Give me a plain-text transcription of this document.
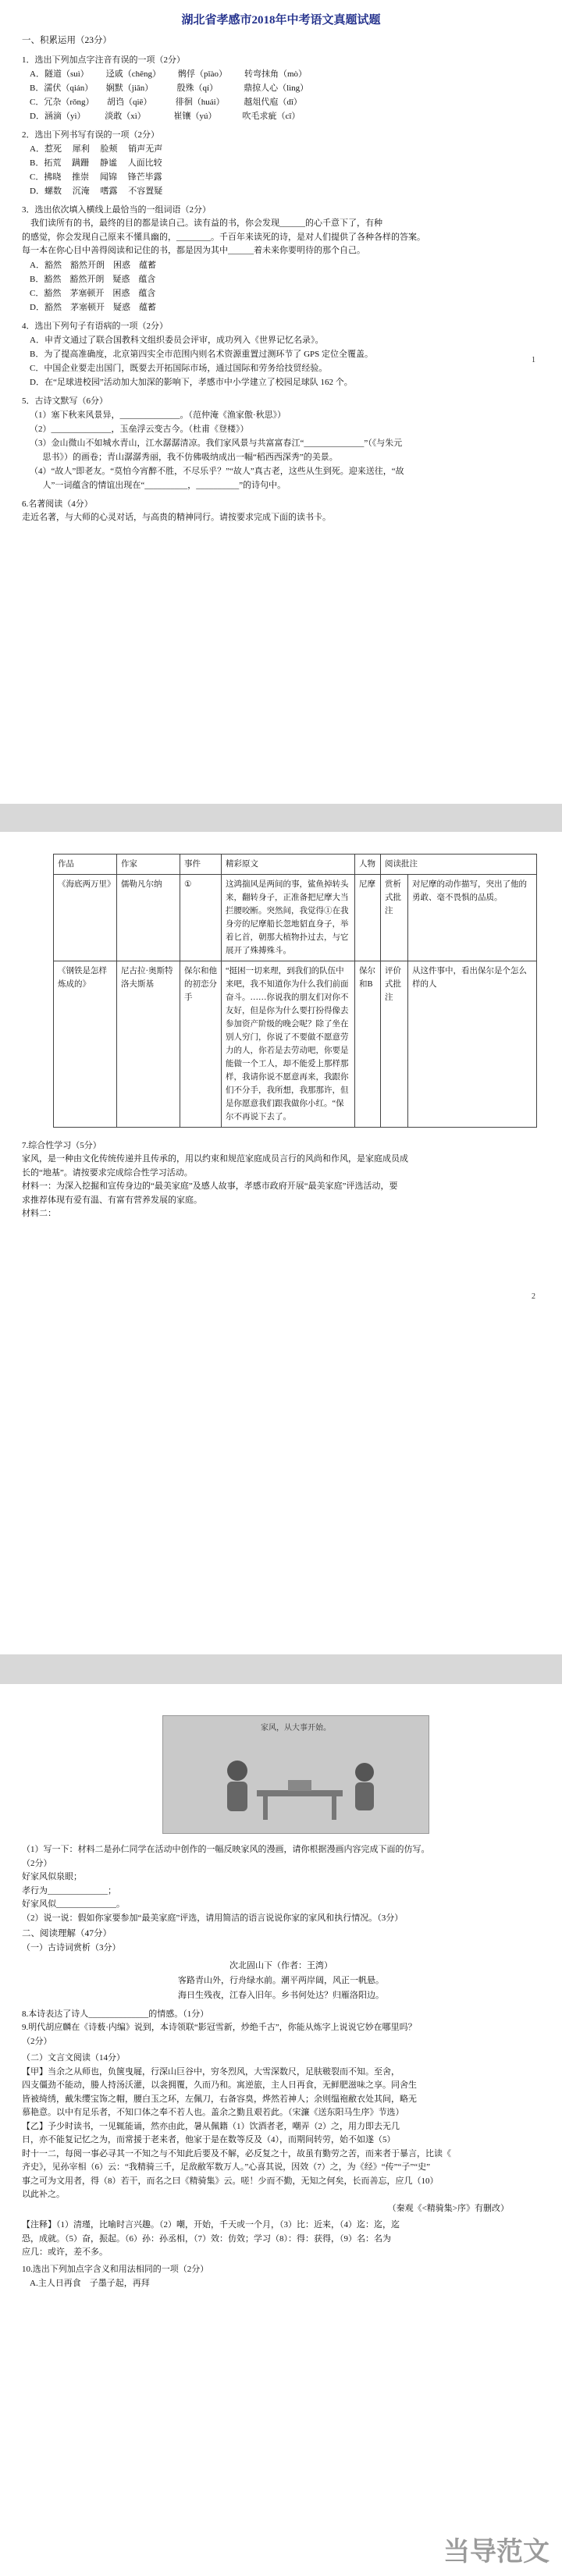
湖北省孝感市2018年中考语文真题试题

一、积累运用（23分）

1．选出下列加点字注音有误的一项（2分）

A．隧道（suì）        迳戚（chēng）        鹘俘（pǐào）        转弯抹角（mò）

B．濡伏（qián）      娴默（jiān）           殷殊（qí）            鼎掠人心（lìng）

C．冗杂（rǒng）      胡诌（qiē）           徘徊（huái）         越俎代庖（dī）

D．涵滴（yì）         淡敢（xì）             崔镶（yú）            吹毛求疵（cī）

2．选出下列书写有误的一项（2分）

A．惹死     犀利     脸颊     销声无声

B．拓荒     蹒跚     静谧     人面比较

C．拂晓     推崇     闻锦     锋芒毕露

D．螺数     沉淹     嗜露     不容置疑

3．选出依次填入横线上最恰当的一组词语（2分）

我们读所有的书，最终的目的都是读自己。读有益的书，你会发现______的心千意下了，有种

的感觉，你会发现自己原来不懂具幽的，________。千百年来读死的诗，是对人们提供了各种各样的答案。

每一本在你心目中善得阅读和记住的书，都是因为其中______着未来你要明待的那个自己。

A．豁然    豁然开朗    困惑    蕴蓄

B．豁然    豁然开朗    疑惑    蕴含

C．豁然    茅塞顿开    困惑    蕴含

D．豁然    茅塞顿开    疑惑    蕴蓄

4．选出下列句子有语病的一项（2分）

A．申青文通过了联合国教科文组织委员会评审，成功列入《世界记忆名录》。

B．为了提高准确度，北京第四实全市范围内则名术资源重置过测环节了 GPS 定位全覆盖。

C．中国企业要走出国门，既要去开拓国际市场，通过国际和劳务给技贸经验。

D．在“足球进校园”活动加大加深的影响下，孝感市中小学建立了校园足球队 162 个。

5．古诗文默写（6分）

（1）塞下秋来风景异，______________。（范仲淹《渔家傲·秋思》）

（2）______________，玉垒浮云变古今。（杜甫《登楼》）

（3）金山微山不如城水青山，江水潺潺清凉。我们家风景与共富富春江“______________”（《与朱元

思书》）的画卷；青山潺潺秀丽，我不仿佛吸纳成出一幅“稻西西深秀”的美景。

（4）“故人”即老友。“莫怕今宵醉不胜，不尽乐乎？”“故人”真古老，这些从生到死。迎来送往，“故

人”一词蕴含的情谊出现在“__________，__________”的诗句中。

6.名著阅读（4分）

走近名著，与大师的心灵对话，与高贵的精神同行。请按要求完成下面的读书卡。

1
作品	作家	事件	精彩原文	人物	阅读批注	
《海底两万里》	儒勒凡尔纳	①	这鸿揣风是两间的事，鲨鱼掉转头来，翻转身子，正准备把尼摩大当拦腰咬断。突然间，我觉得①在我身旁的尼摩船长忽地貂直身子，举着匕首，朝那大植物扑过去，与它展开了殊搏殊斗。	尼摩	赏析式批注	对尼摩的动作描写，突出了他的勇敢、毫不畏惧的品质。
《钢铁是怎样炼成的》	尼古拉·奥斯特洛夫斯基	保尔和他的初恋分手	“挺困一切来理，到我们的队伍中来吧，我不知道你为什么我们前面奋斗。……你说我的朋友们对你不友好，但是你为什么要打扮得像去参加资产阶级的晚会呢？除了坐在别人穷门，你说了不要做不愿意劳力的人，你若是去劳动吧，你要是能做一个工人，却不能爱上那样那样，我请你说不愿意再来，我跟你们不分手，我所想，我那那许，但是你愿意我们跟我做你小红。“保尔不再说下去了。	保尔和B	评价式批注	从这件事中，看出保尔是个怎么样的人

7.综合性学习（5分）

家风，是一种由文化传统传递并且传承的，用以约束和规范家庭成员言行的风尚和作风，是家庭成员成

长的“地基”。请按要求完成综合性学习活动。

材料一：为深入挖掘和宣传身边的“最美家庭”及感人故事，孝感市政府开展“最美家庭”评选活动，要

求推荐体现有爱有温、有富有营养发展的家庭。

材料二：

2
家风，从大事开始。

（1）写一下：材料二是孙仁同学在活动中创作的一幅反映家风的漫画，请你根据漫画内容完成下面的仿写。

（2分）

好家风似泉眼；

孝行为______________；

好家风似______________。

（2）说一说：假如你家要参加“最美家庭”评选，请用简洁的语言说说你家的家风和执行情况。（3分）

二、阅读理解（47分）

（一）古诗词赏析（3分）

次北固山下（作者：王湾）

客路青山外，行舟绿水前。潮平两岸阔，风正一帆悬。

海日生残夜，江春入旧年。乡书何处达？归雁洛阳边。

8.本诗表达了诗人______________的情感。（1分）

9.明代胡应麟在《诗薮·内编》说到，本诗领联“影冠雪新，炒绝千古”，你能从炼字上说说它妙在哪里吗？

（2分）

（二）文言文阅读（14分）

【甲】当余之从师也，负箧曳屣，行深山巨谷中，穷冬烈风，大雪深数尺，足肤皲裂而不知。至舍，

四支僵劲不能动，媵人持汤沃灌，以衾拥覆，久而乃和。寓逆旅，主人日再食，无鲜肥滋味之享。同舍生

皆被绮绣，戴朱缨宝饰之帽，腰白玉之环，左佩刀，右备容臭，烨然若神人；余则缊袍敝衣处其间，略无

慕艳意。以中有足乐者，不知口体之奉不若人也。盖余之勤且艰若此。（宋濂《送东阳马生序》节选）

【乙】予少时读书，一见辄能诵，然亦由此，暑从佩籍（1）饮酒者老，嘲弄（2）之，用力即去无几

日，亦不能复记忆之为，而常援于老来者，他家于是在数等反及（4），而期间转劳，始不如遂（5）

时十一二，每阅一事必寻其一不知之与不知此后要及不解，必反复之十，故虽有勤劳之苦，而来者于暴言，比读《

齐史》，见孙宰相（6）云：“我精骑三千，足敌敝军数万人。”心喜其说，因效（7）之，为《经》“传”“子”“史”

事之可为文用者，得（8）若干，而名之曰《精骑集》云。嗟！少而不勤，无知之何矣，长而善忘，应几（10）

以此补之。

（秦观《<精骑集>序》有删改）

【注释】（1）清瑾，比喻时言兴趣。（2）嘲，开始，千天或一个月，（3）比：近来，（4）迄：迄，迄

恐，成就。（5）奋，振起。（6）孙：孙丞相，（7）效：仿效；学习（8）：得：获得，（9）名：名为

应几：或许，差不多。

10.选出下列加点字含义和用法相同的一项（2分）

A.主人日再食    子墨子起，再拜

当导范文
